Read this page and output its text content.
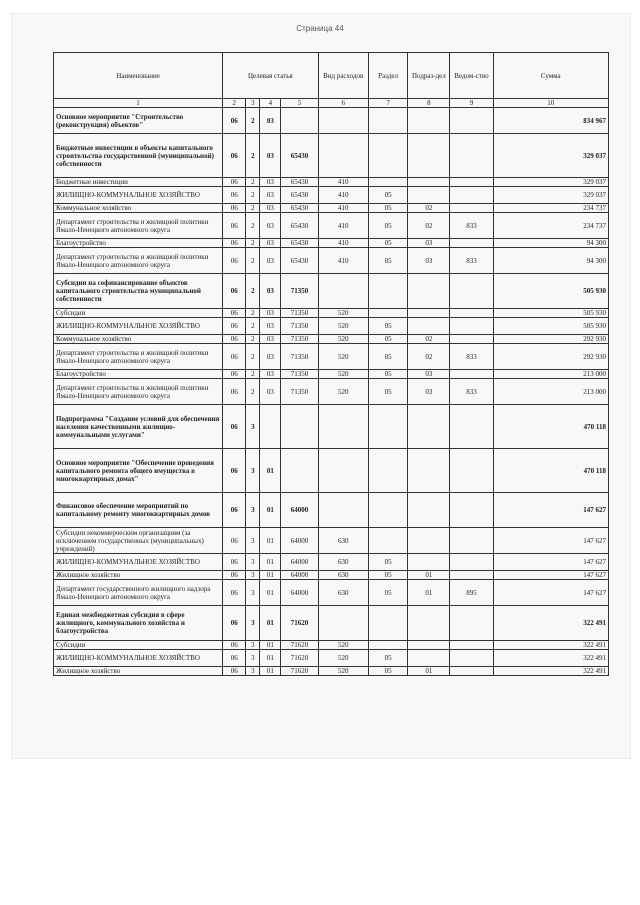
Страница 44
Наименование	Целевая статья				Вид расходов	Раздел	Подраз-дел	Ведом-ство	Сумма
1	2	3	4	5	6	7	8	9	10
Основное мероприятие "Строительство (реконструкция) объектов"	06	2	03						834 967
Бюджетные инвестиции в объекты капитального строительства государственной (муниципальной) собственности	06	2	03	65430					329 037
Бюджетные инвестиции	06	2	03	65430	410				329 037
ЖИЛИЩНО-КОММУНАЛЬНОЕ ХОЗЯЙСТВО	06	2	03	65430	410	05			329 037
Коммунальное хозяйство	06	2	03	65430	410	05	02		234 737
Департамент строительства и жилищной политики Ямало-Ненецкого автономного округа	06	2	03	65430	410	05	02	833	234 737
Благоустройство	06	2	03	65430	410	05	03		94 300
Департамент строительства и жилищной политики Ямало-Ненецкого автономного округа	06	2	03	65430	410	05	03	833	94 300
Субсидии на софинансирование объектов капитального строительства муниципальной собственности	06	2	03	71350					505 930
Субсидии	06	2	03	71350	520				505 930
ЖИЛИЩНО-КОММУНАЛЬНОЕ ХОЗЯЙСТВО	06	2	03	71350	520	05			505 930
Коммунальное хозяйство	06	2	03	71350	520	05	02		292 930
Департамент строительства и жилищной политики Ямало-Ненецкого автономного округа	06	2	03	71350	520	05	02	833	292 930
Благоустройство	06	2	03	71350	520	05	03		213 000
Департамент строительства и жилищной политики Ямало-Ненецкого автономного округа	06	2	03	71350	520	05	03	833	213 000
Подпрограмма "Создание условий для обеспечения населения качественными жилищно-коммунальными услугами"	06	3							470 118
Основное мероприятие "Обеспечение проведения капитального ремонта общего имущества в многоквартирных домах"	06	3	01						470 118
Финансовое обеспечение мероприятий по капитальному ремонту многоквартирных домов	06	3	01	64000					147 627
Субсидии некоммерческим организациям (за исключением государственных (муниципальных) учреждений)	06	3	01	64000	630				147 627
ЖИЛИЩНО-КОММУНАЛЬНОЕ ХОЗЯЙСТВО	06	3	01	64000	630	05			147 627
Жилищное хозяйство	06	3	01	64000	630	05	01		147 627
Департамент государственного жилищного надзора Ямало-Ненецкого автономного округа	06	3	01	64000	630	05	01	895	147 627
Единая межбюджетная субсидия в сфере жилищного, коммунального хозяйства и благоустройства	06	3	01	71620					322 491
Субсидии	06	3	01	71620	520				322 491
ЖИЛИЩНО-КОММУНАЛЬНОЕ ХОЗЯЙСТВО	06	3	01	71620	520	05			322 491
Жилищное хозяйство	06	3	01	71620	520	05	01		322 491
